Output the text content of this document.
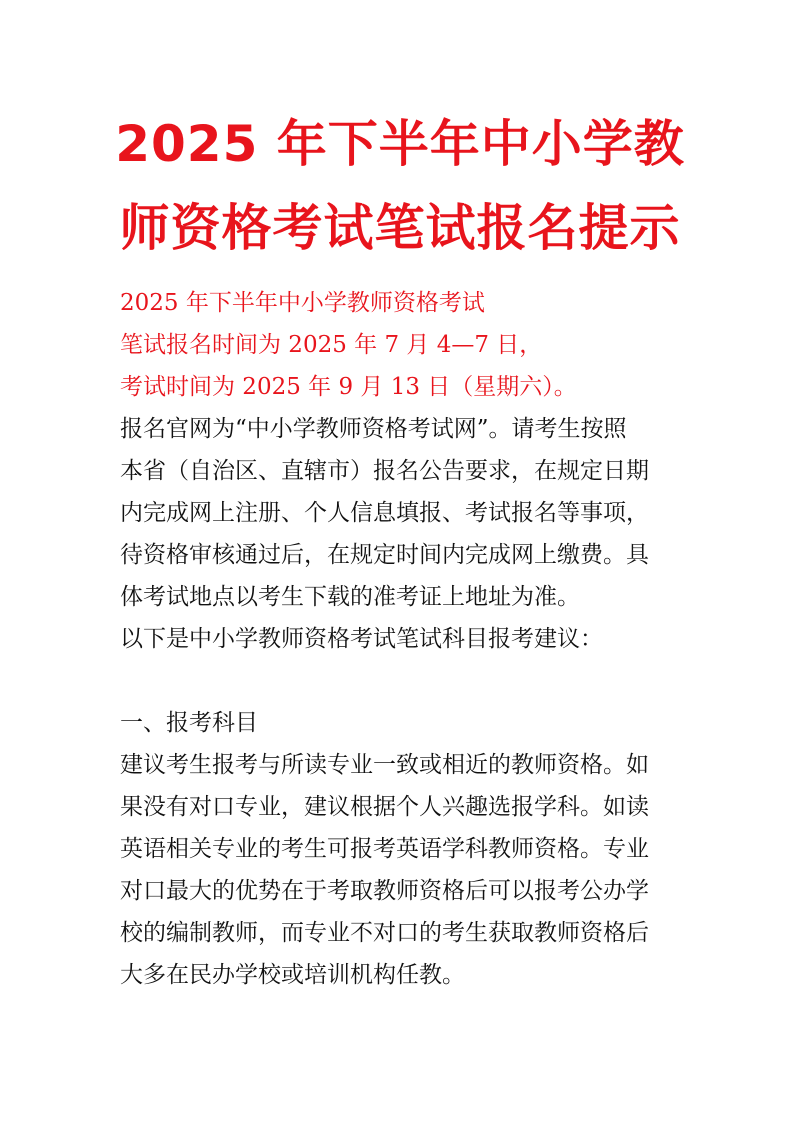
2025 年下半年中小学教
师资格考试笔试报名提示
2025 年下半年中小学教师资格考试
笔试报名时间为 2025 年 7 月 4—7 日，
考试时间为 2025 年 9 月 13 日（星期六）。
报名官网为“中小学教师资格考试网”。请考生按照
本省（自治区、直辖市）报名公告要求，在规定日期
内完成网上注册、个人信息填报、考试报名等事项，
待资格审核通过后，在规定时间内完成网上缴费。具
体考试地点以考生下载的准考证上地址为准。
以下是中小学教师资格考试笔试科目报考建议：
一、报考科目
建议考生报考与所读专业一致或相近的教师资格。如
果没有对口专业，建议根据个人兴趣选报学科。如读
英语相关专业的考生可报考英语学科教师资格。专业
对口最大的优势在于考取教师资格后可以报考公办学
校的编制教师，而专业不对口的考生获取教师资格后
大多在民办学校或培训机构任教。
